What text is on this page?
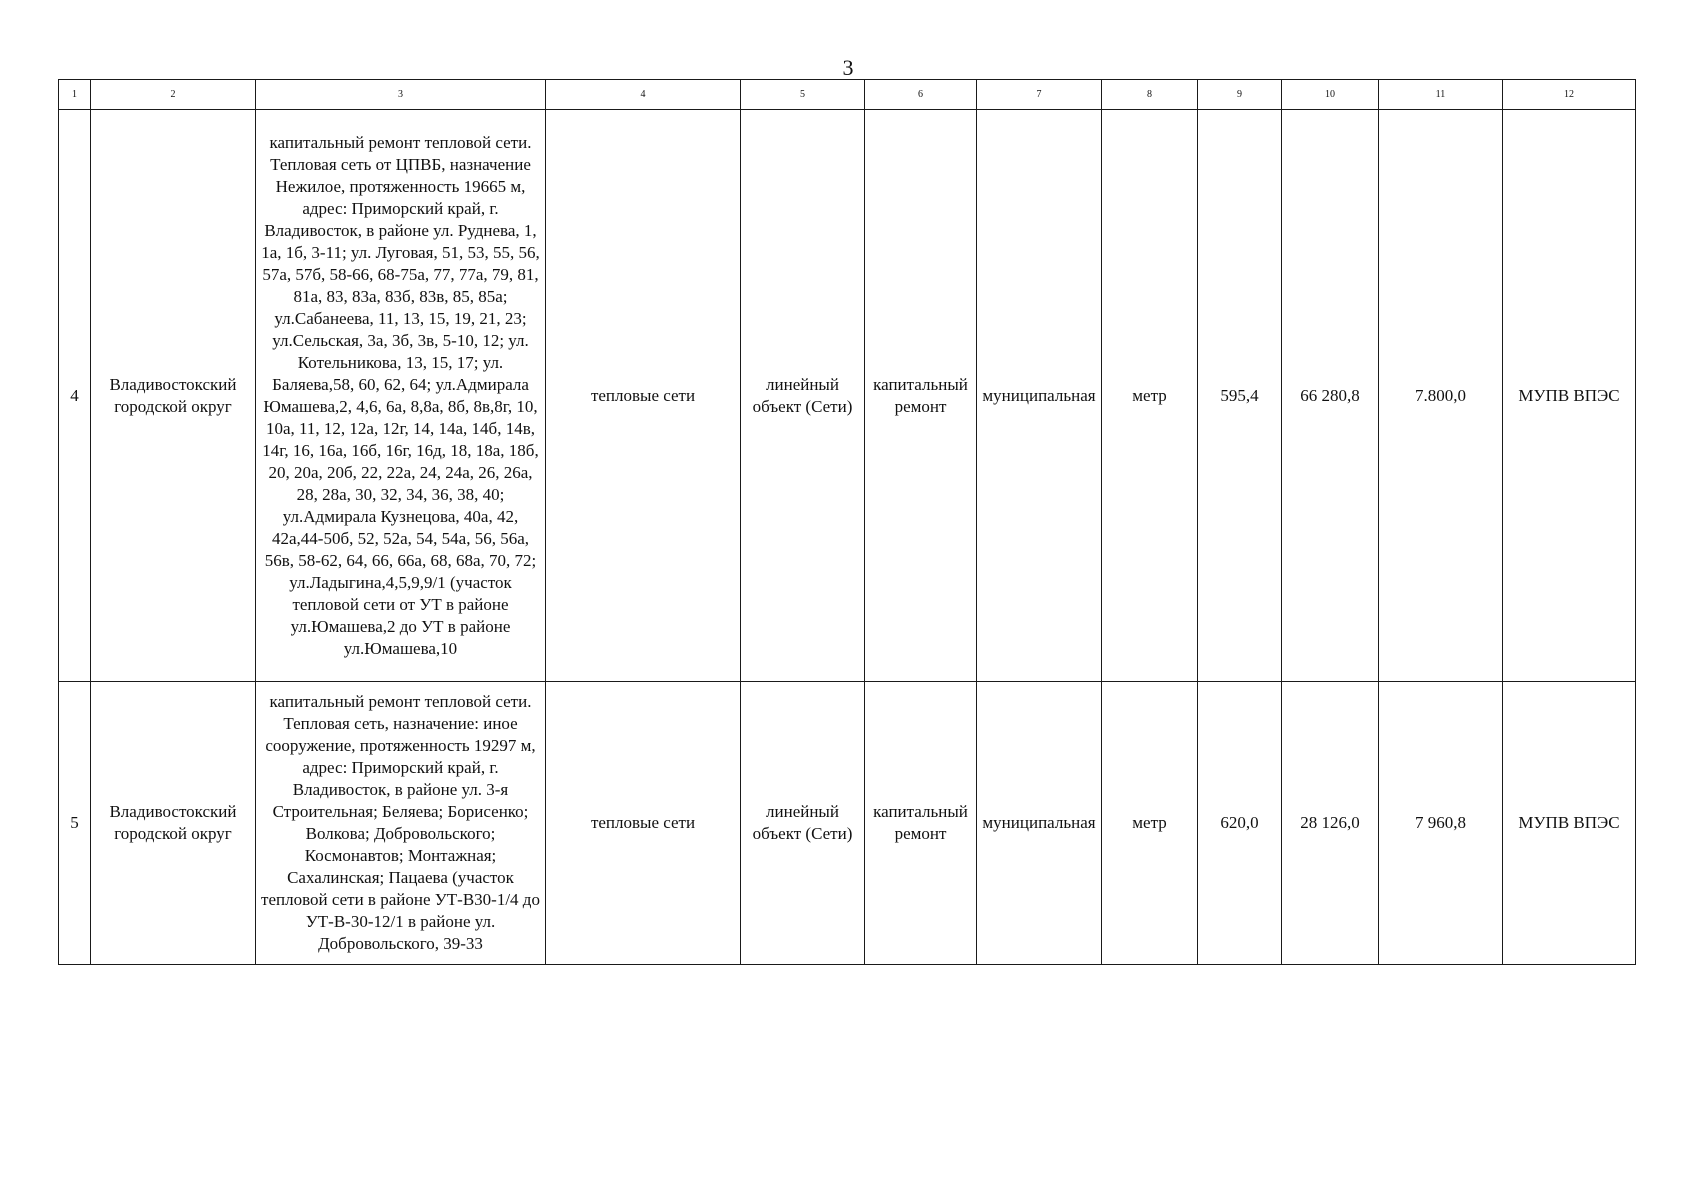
3
1	2	3	4	5	6	7	8	9	10	11	12
4	Владивостокский городской округ	капитальный ремонт тепловой сети. Тепловая сеть от ЦПВБ, назначение Нежилое, протяженность 19665 м, адрес: Приморский край, г. Владивосток, в районе ул. Руднева, 1, 1а, 1б, 3-11; ул. Луговая, 51, 53, 55, 56, 57а, 57б, 58-66, 68-75а, 77, 77а, 79, 81, 81а, 83, 83а, 83б, 83в, 85, 85а; ул.Сабанеева, 11, 13, 15, 19, 21, 23; ул.Сельская, 3а, 3б, 3в, 5-10, 12; ул. Котельникова, 13, 15, 17; ул. Баляева,58, 60, 62, 64; ул.Адмирала Юмашева,2, 4,6, 6а, 8,8а, 8б, 8в,8г, 10, 10а, 11, 12, 12а, 12г, 14, 14а, 14б, 14в, 14г, 16, 16а, 16б, 16г, 16д, 18, 18а, 18б, 20, 20а, 20б, 22, 22а, 24, 24а, 26, 26а, 28, 28а, 30, 32, 34, 36, 38, 40; ул.Адмирала Кузнецова, 40а, 42, 42а,44-50б, 52, 52а, 54, 54а, 56, 56а, 56в, 58-62, 64, 66, 66а, 68, 68а, 70, 72; ул.Ладыгина,4,5,9,9/1 (участок тепловой сети от УТ в районе ул.Юмашева,2 до УТ в районе ул.Юмашева,10	тепловые сети	линейный объект (Сети)	капитальный ремонт	муниципальная	метр	595,4	66 280,8	7.800,0	МУПВ ВПЭС
5	Владивостокский городской округ	капитальный ремонт тепловой сети. Тепловая сеть, назначение: иное сооружение, протяженность 19297 м, адрес: Приморский край, г. Владивосток, в районе ул. 3-я Строительная; Беляева; Борисенко; Волкова; Добровольского; Космонавтов; Монтажная; Сахалинская; Пацаева (участок тепловой сети в районе УТ-В30-1/4 до УТ-В-30-12/1 в районе ул. Добровольского, 39-33	тепловые сети	линейный объект (Сети)	капитальный ремонт	муниципальная	метр	620,0	28 126,0	7 960,8	МУПВ ВПЭС
